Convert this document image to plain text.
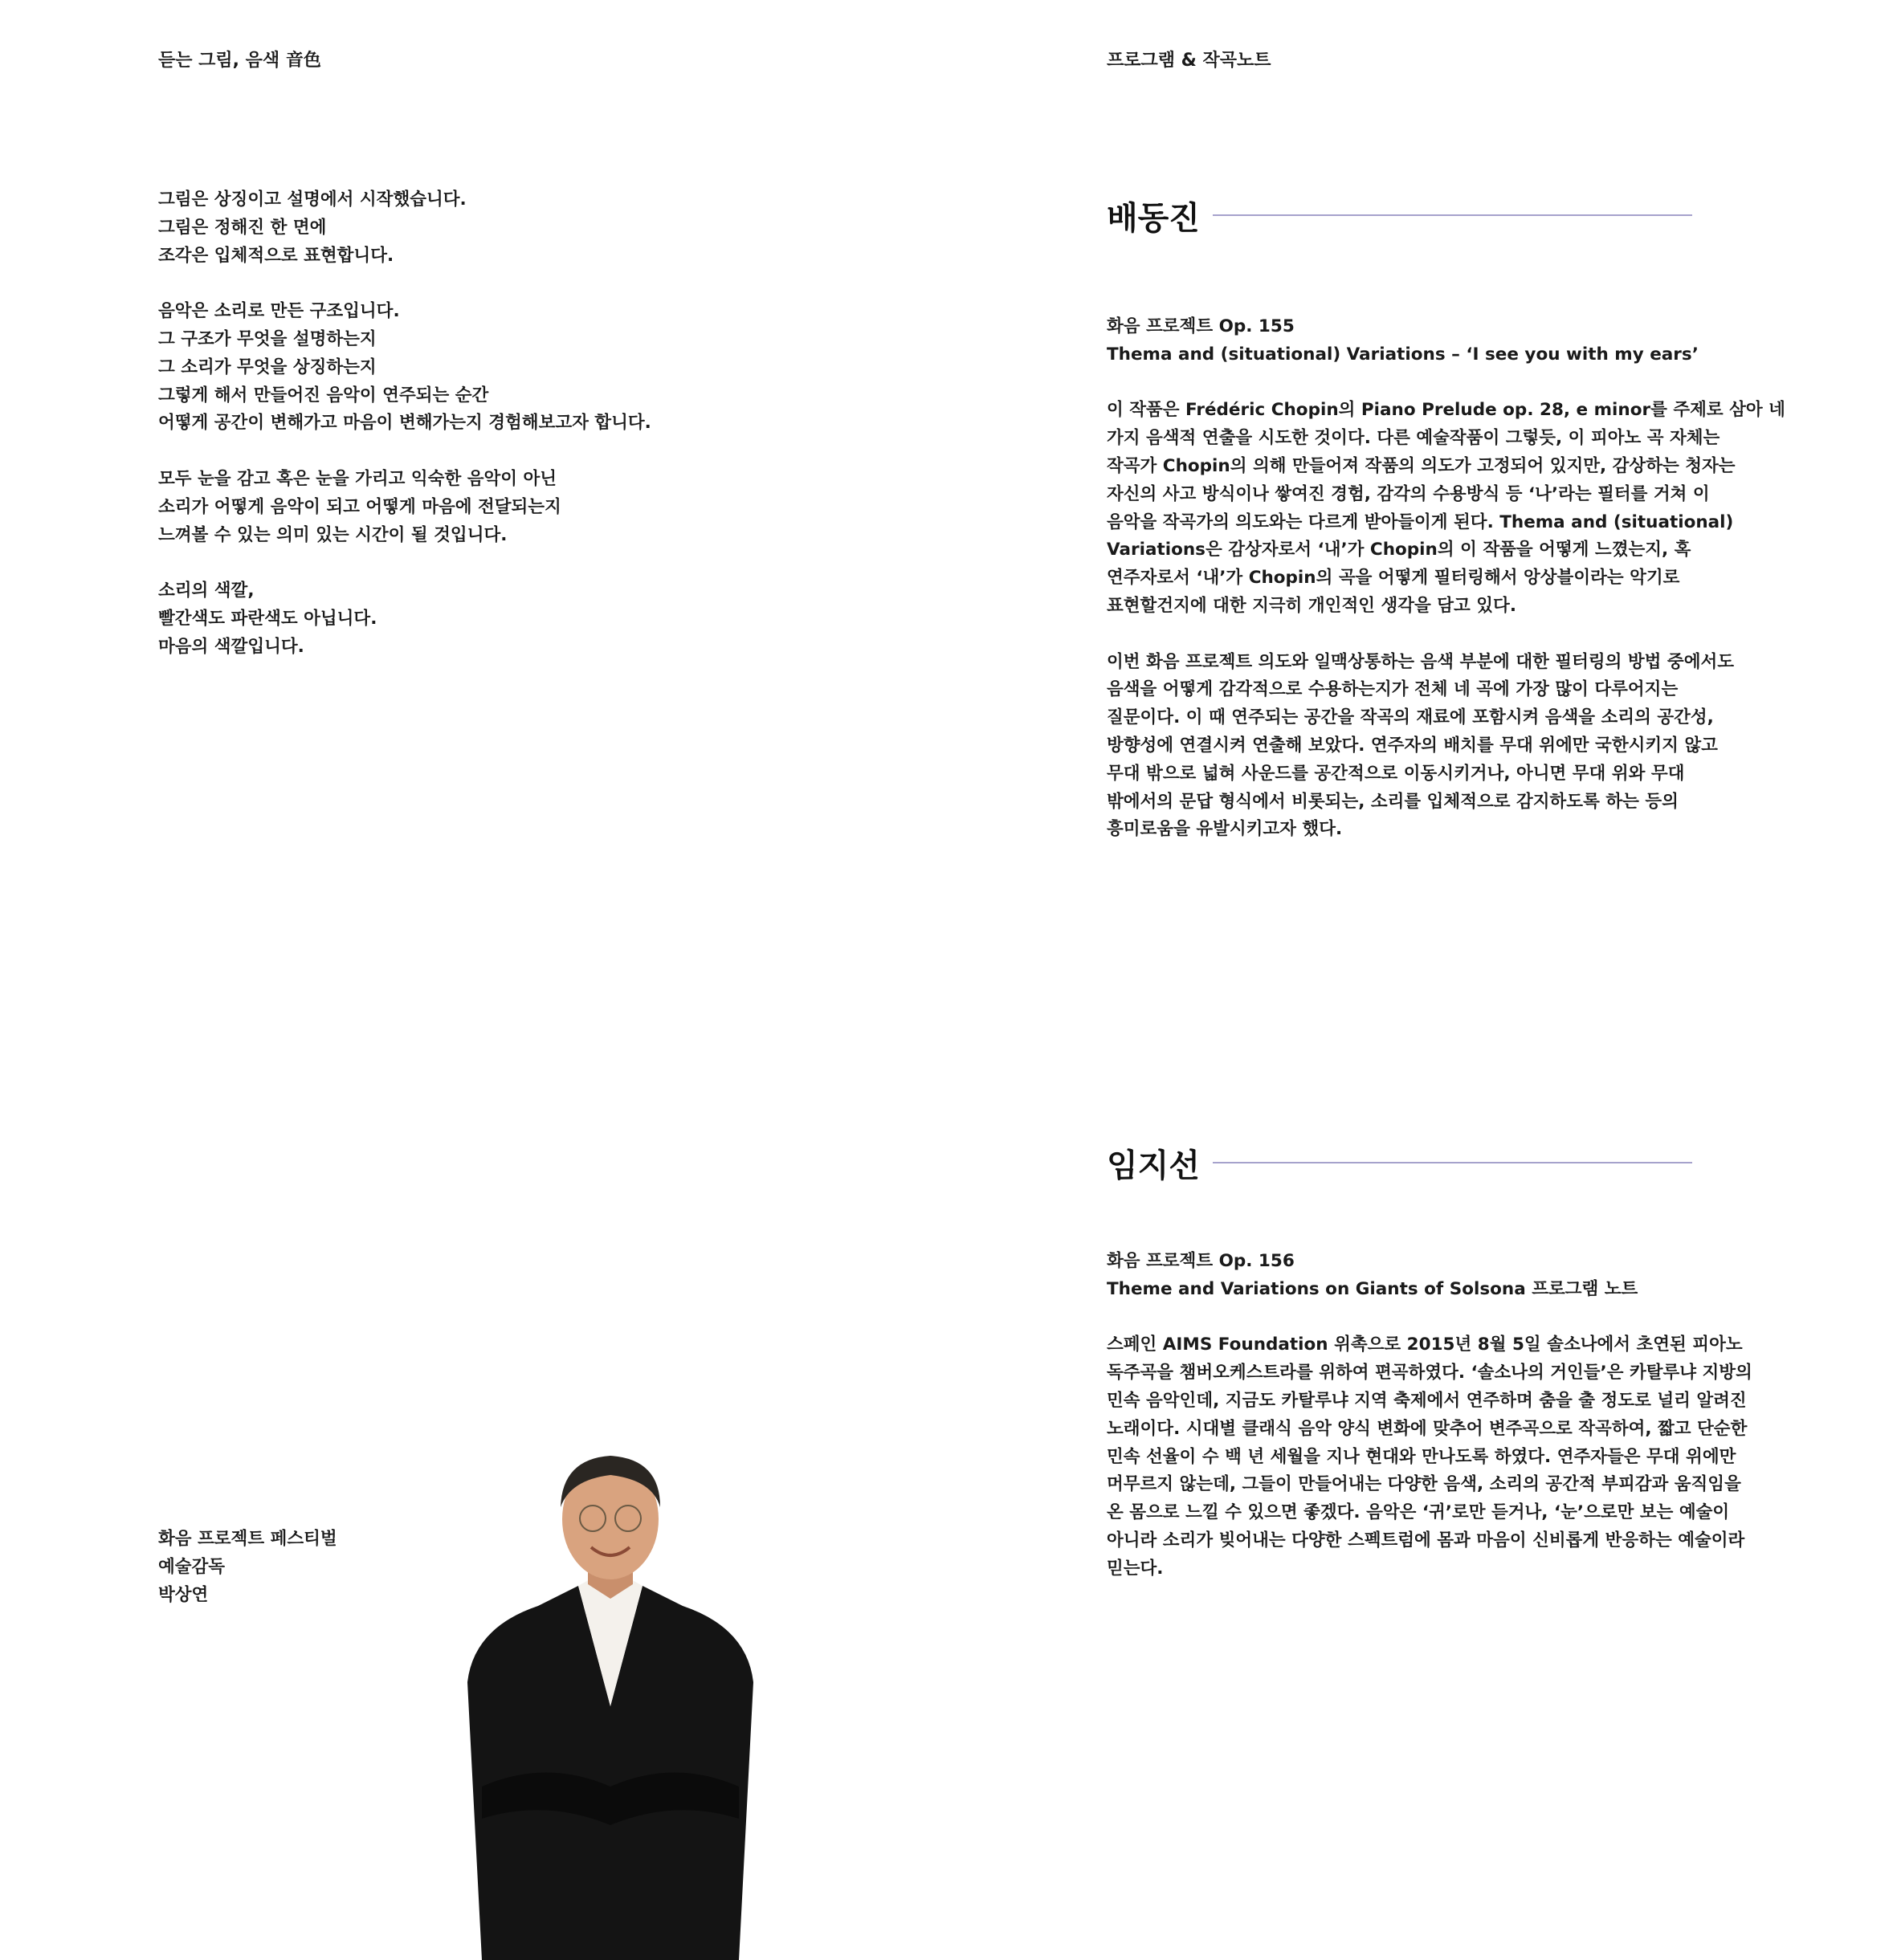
듣는 그림, 음색 音色	프로그램 & 작곡노트
그림은 상징이고 설명에서 시작했습니다.
그림은 정해진 한 면에
조각은 입체적으로 표현합니다.
음악은 소리로 만든 구조입니다.
그 구조가 무엇을 설명하는지
그 소리가 무엇을 상징하는지
그렇게 해서 만들어진 음악이 연주되는 순간
어떻게 공간이 변해가고 마음이 변해가는지 경험해보고자 합니다.
모두 눈을 감고 혹은 눈을 가리고 익숙한 음악이 아닌
소리가 어떻게 음악이 되고 어떻게 마음에 전달되는지
느껴볼 수 있는 의미 있는 시간이 될 것입니다.
소리의 색깔,
빨간색도 파란색도 아닙니다.
마음의 색깔입니다.
화음 프로젝트 페스티벌
예술감독
박상연
배동진
화음 프로젝트 Op. 155
Thema and (situational) Variations – ‘I see you with my ears’
이 작품은 Frédéric Chopin의 Piano Prelude op. 28, e minor를 주제로 삼아 네
가지 음색적 연출을 시도한 것이다. 다른 예술작품이 그렇듯, 이 피아노 곡 자체는
작곡가 Chopin의 의해 만들어져 작품의 의도가 고정되어 있지만, 감상하는 청자는
자신의 사고 방식이나 쌓여진 경험, 감각의 수용방식 등 ‘나’라는 필터를 거쳐 이
음악을 작곡가의 의도와는 다르게 받아들이게 된다. Thema and (situational)
Variations은 감상자로서 ‘내’가 Chopin의 이 작품을 어떻게 느꼈는지, 혹
연주자로서 ‘내’가 Chopin의 곡을 어떻게 필터링해서 앙상블이라는 악기로
표현할건지에 대한 지극히 개인적인 생각을 담고 있다.
이번 화음 프로젝트 의도와 일맥상통하는 음색 부분에 대한 필터링의 방법 중에서도
음색을 어떻게 감각적으로 수용하는지가 전체 네 곡에 가장 많이 다루어지는
질문이다. 이 때 연주되는 공간을 작곡의 재료에 포함시켜 음색을 소리의 공간성,
방향성에 연결시켜 연출해 보았다. 연주자의 배치를 무대 위에만 국한시키지 않고
무대 밖으로 넓혀 사운드를 공간적으로 이동시키거나, 아니면 무대 위와 무대
밖에서의 문답 형식에서 비롯되는, 소리를 입체적으로 감지하도록 하는 등의
흥미로움을 유발시키고자 했다.
임지선
화음 프로젝트 Op. 156
Theme and Variations on Giants of Solsona 프로그램 노트
스페인 AIMS Foundation 위촉으로 2015년 8월 5일 솔소나에서 초연된 피아노
독주곡을 챔버오케스트라를 위하여 편곡하였다. ‘솔소나의 거인들’은 카탈루냐 지방의
민속 음악인데, 지금도 카탈루냐 지역 축제에서 연주하며 춤을 출 정도로 널리 알려진
노래이다. 시대별 클래식 음악 양식 변화에 맞추어 변주곡으로 작곡하여, 짧고 단순한
민속 선율이 수 백 년 세월을 지나 현대와 만나도록 하였다. 연주자들은 무대 위에만
머무르지 않는데, 그들이 만들어내는 다양한 음색, 소리의 공간적 부피감과 움직임을
온 몸으로 느낄 수 있으면 좋겠다. 음악은 ‘귀’로만 듣거나, ‘눈’으로만 보는 예술이
아니라 소리가 빚어내는 다양한 스펙트럼에 몸과 마음이 신비롭게 반응하는 예술이라
믿는다.
